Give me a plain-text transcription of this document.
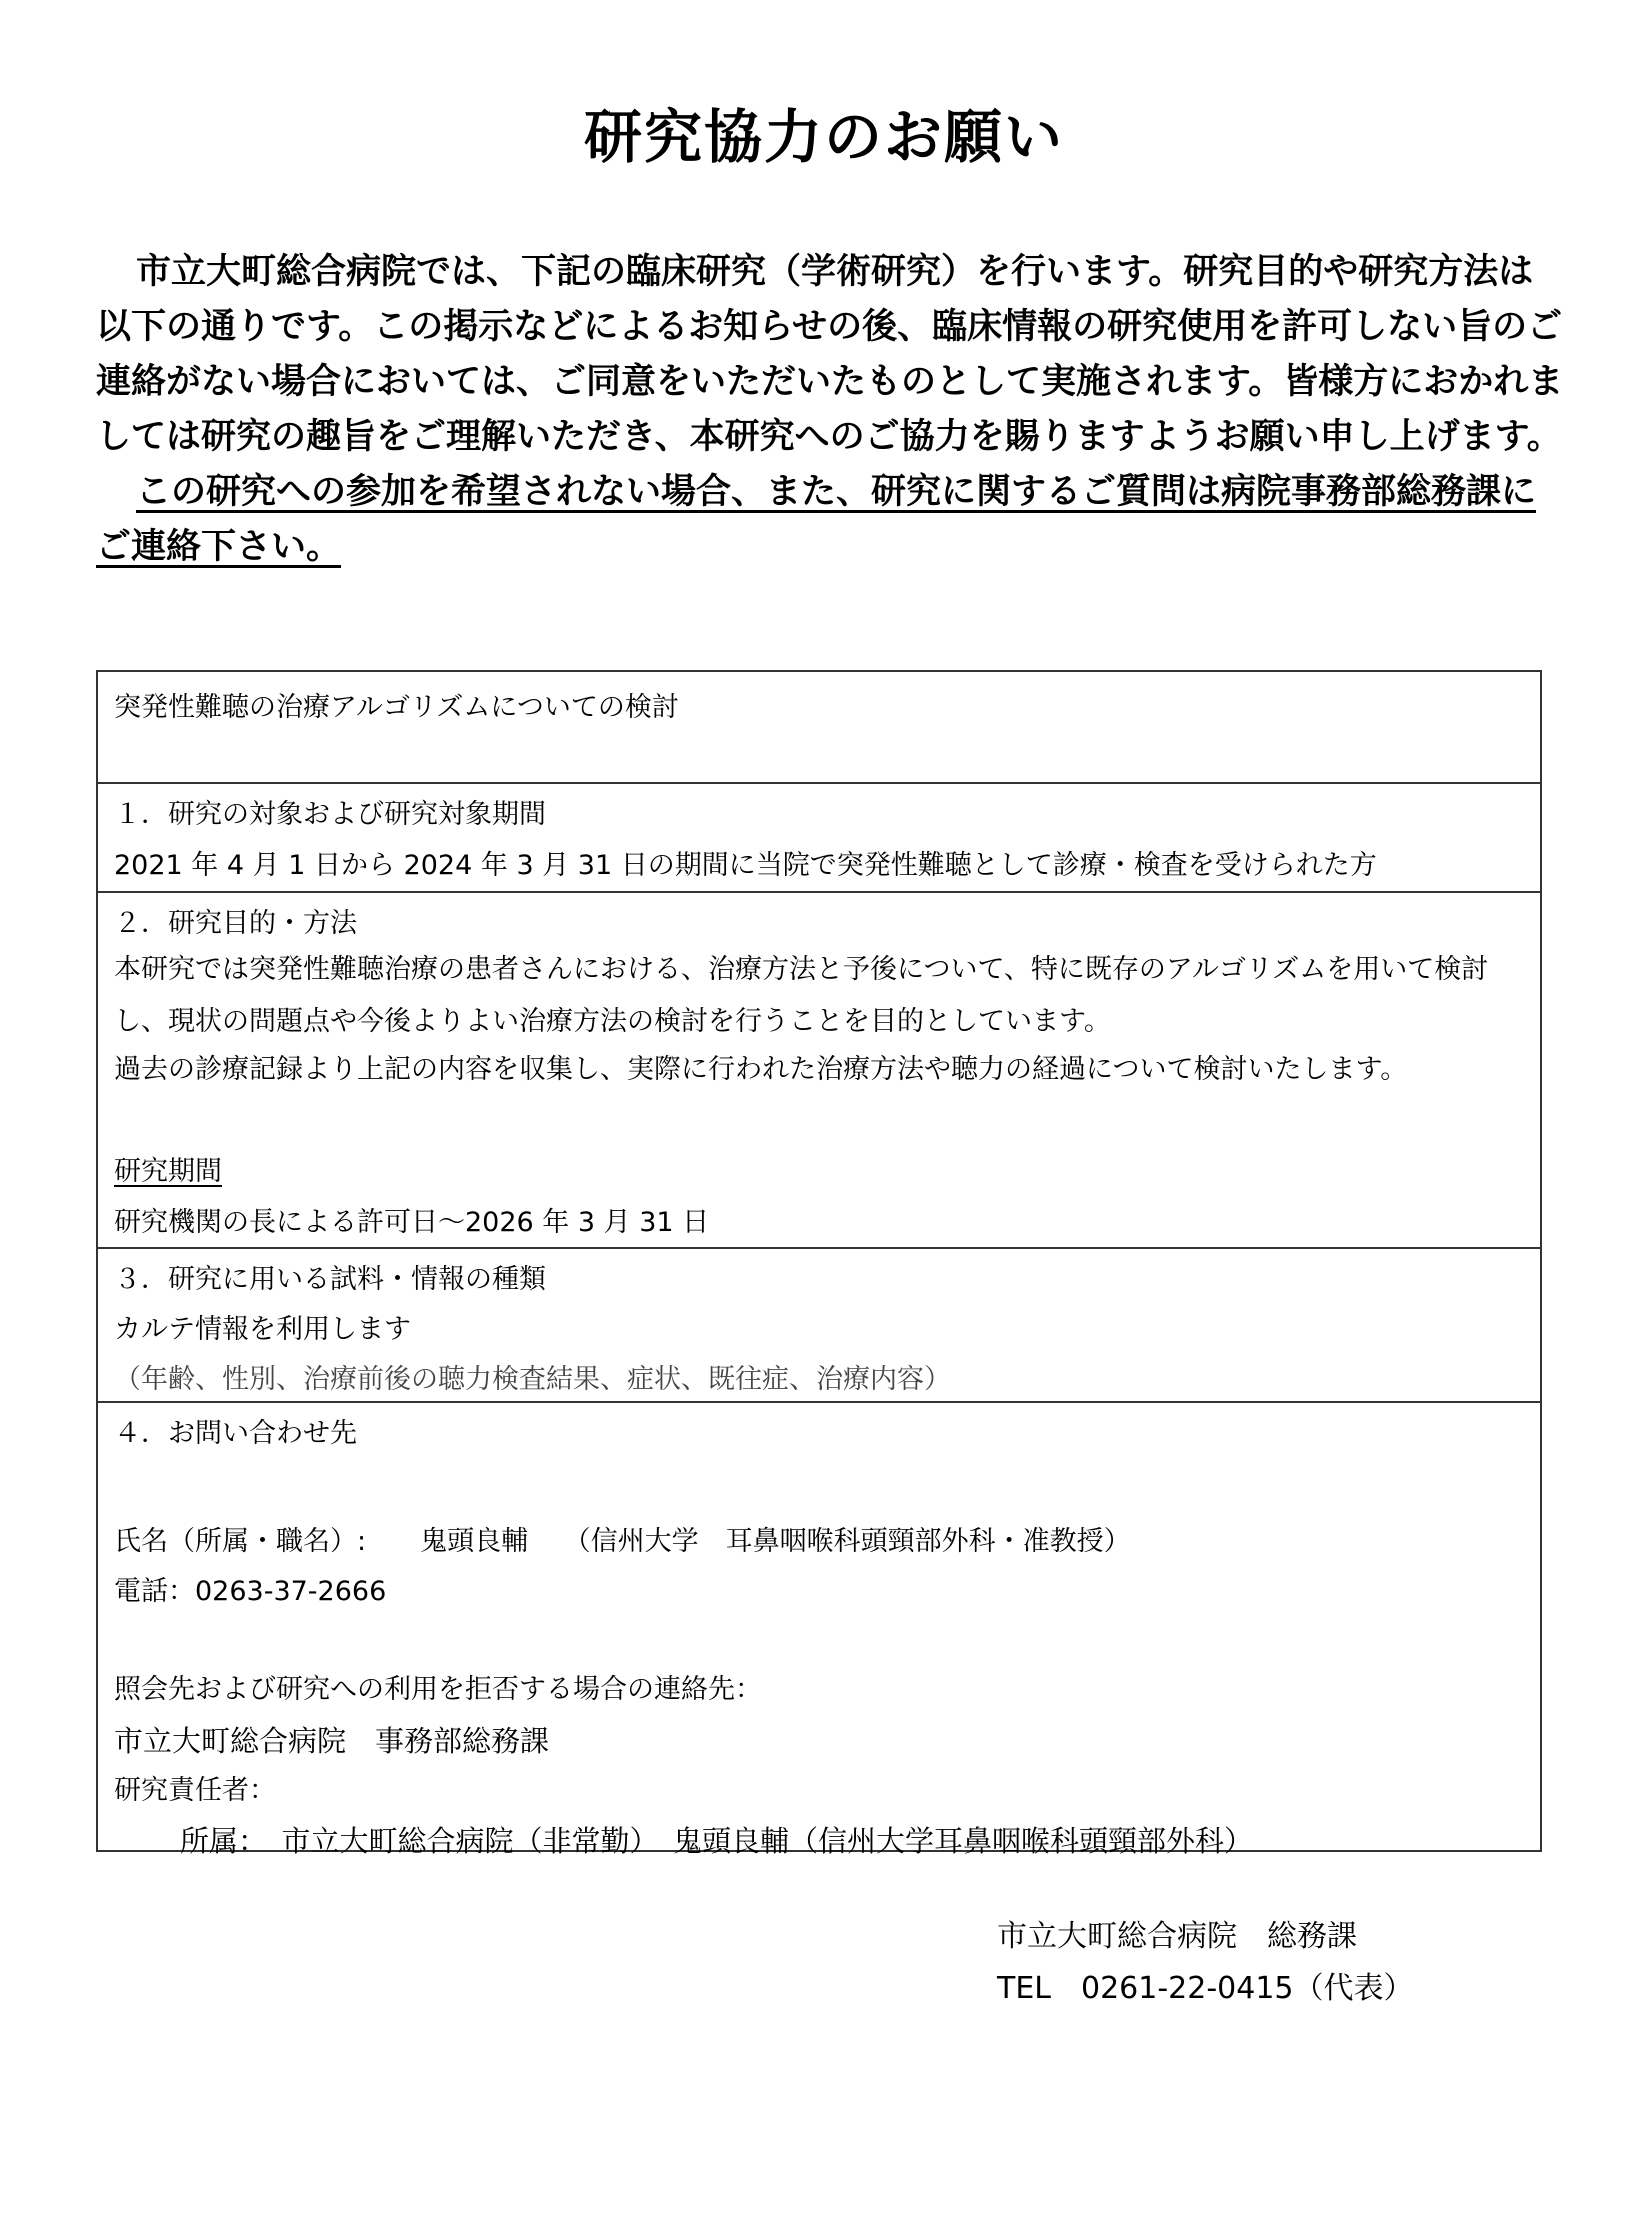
研究協力のお願い

市立大町総合病院では、下記の臨床研究（学術研究）を行います。研究目的や研究方法は以下の通りです。この掲示などによるお知らせの後、臨床情報の研究使用を許可しない旨のご連絡がない場合においては、ご同意をいただいたものとして実施されます。皆様方におかれましては研究の趣旨をご理解いただき、本研究へのご協力を賜りますようお願い申し上げます。

この研究への参加を希望されない場合、また、研究に関するご質問は病院事務部総務課にご連絡下さい。

突発性難聴の治療アルゴリズムについての検討
１．研究の対象および研究対象期間
2021 年 4 月 1 日から 2024 年 3 月 31 日の期間に当院で突発性難聴として診療・検査を受けられた方
２．研究目的・方法
本研究では突発性難聴治療の患者さんにおける、治療方法と予後について、特に既存のアルゴリズムを用いて検討し、現状の問題点や今後よりよい治療方法の検討を行うことを目的としています。
過去の診療記録より上記の内容を収集し、実際に行われた治療方法や聴力の経過について検討いたします。
研究期間
研究機関の長による許可日～2026 年 3 月 31 日
３．研究に用いる試料・情報の種類
カルテ情報を利用します
（年齢、性別、治療前後の聴力検査結果、症状、既往症、治療内容）
４．お問い合わせ先
氏名（所属・職名）:　　鬼頭良輔　 （信州大学　耳鼻咽喉科頭頸部外科・准教授）
電話：0263-37-2666
照会先および研究への利用を拒否する場合の連絡先：
市立大町総合病院　事務部総務課
研究責任者：
所属：　市立大町総合病院（非常勤）　鬼頭良輔（信州大学耳鼻咽喉科頭頸部外科）
市立大町総合病院　総務課
TEL　0261-22-0415（代表）
